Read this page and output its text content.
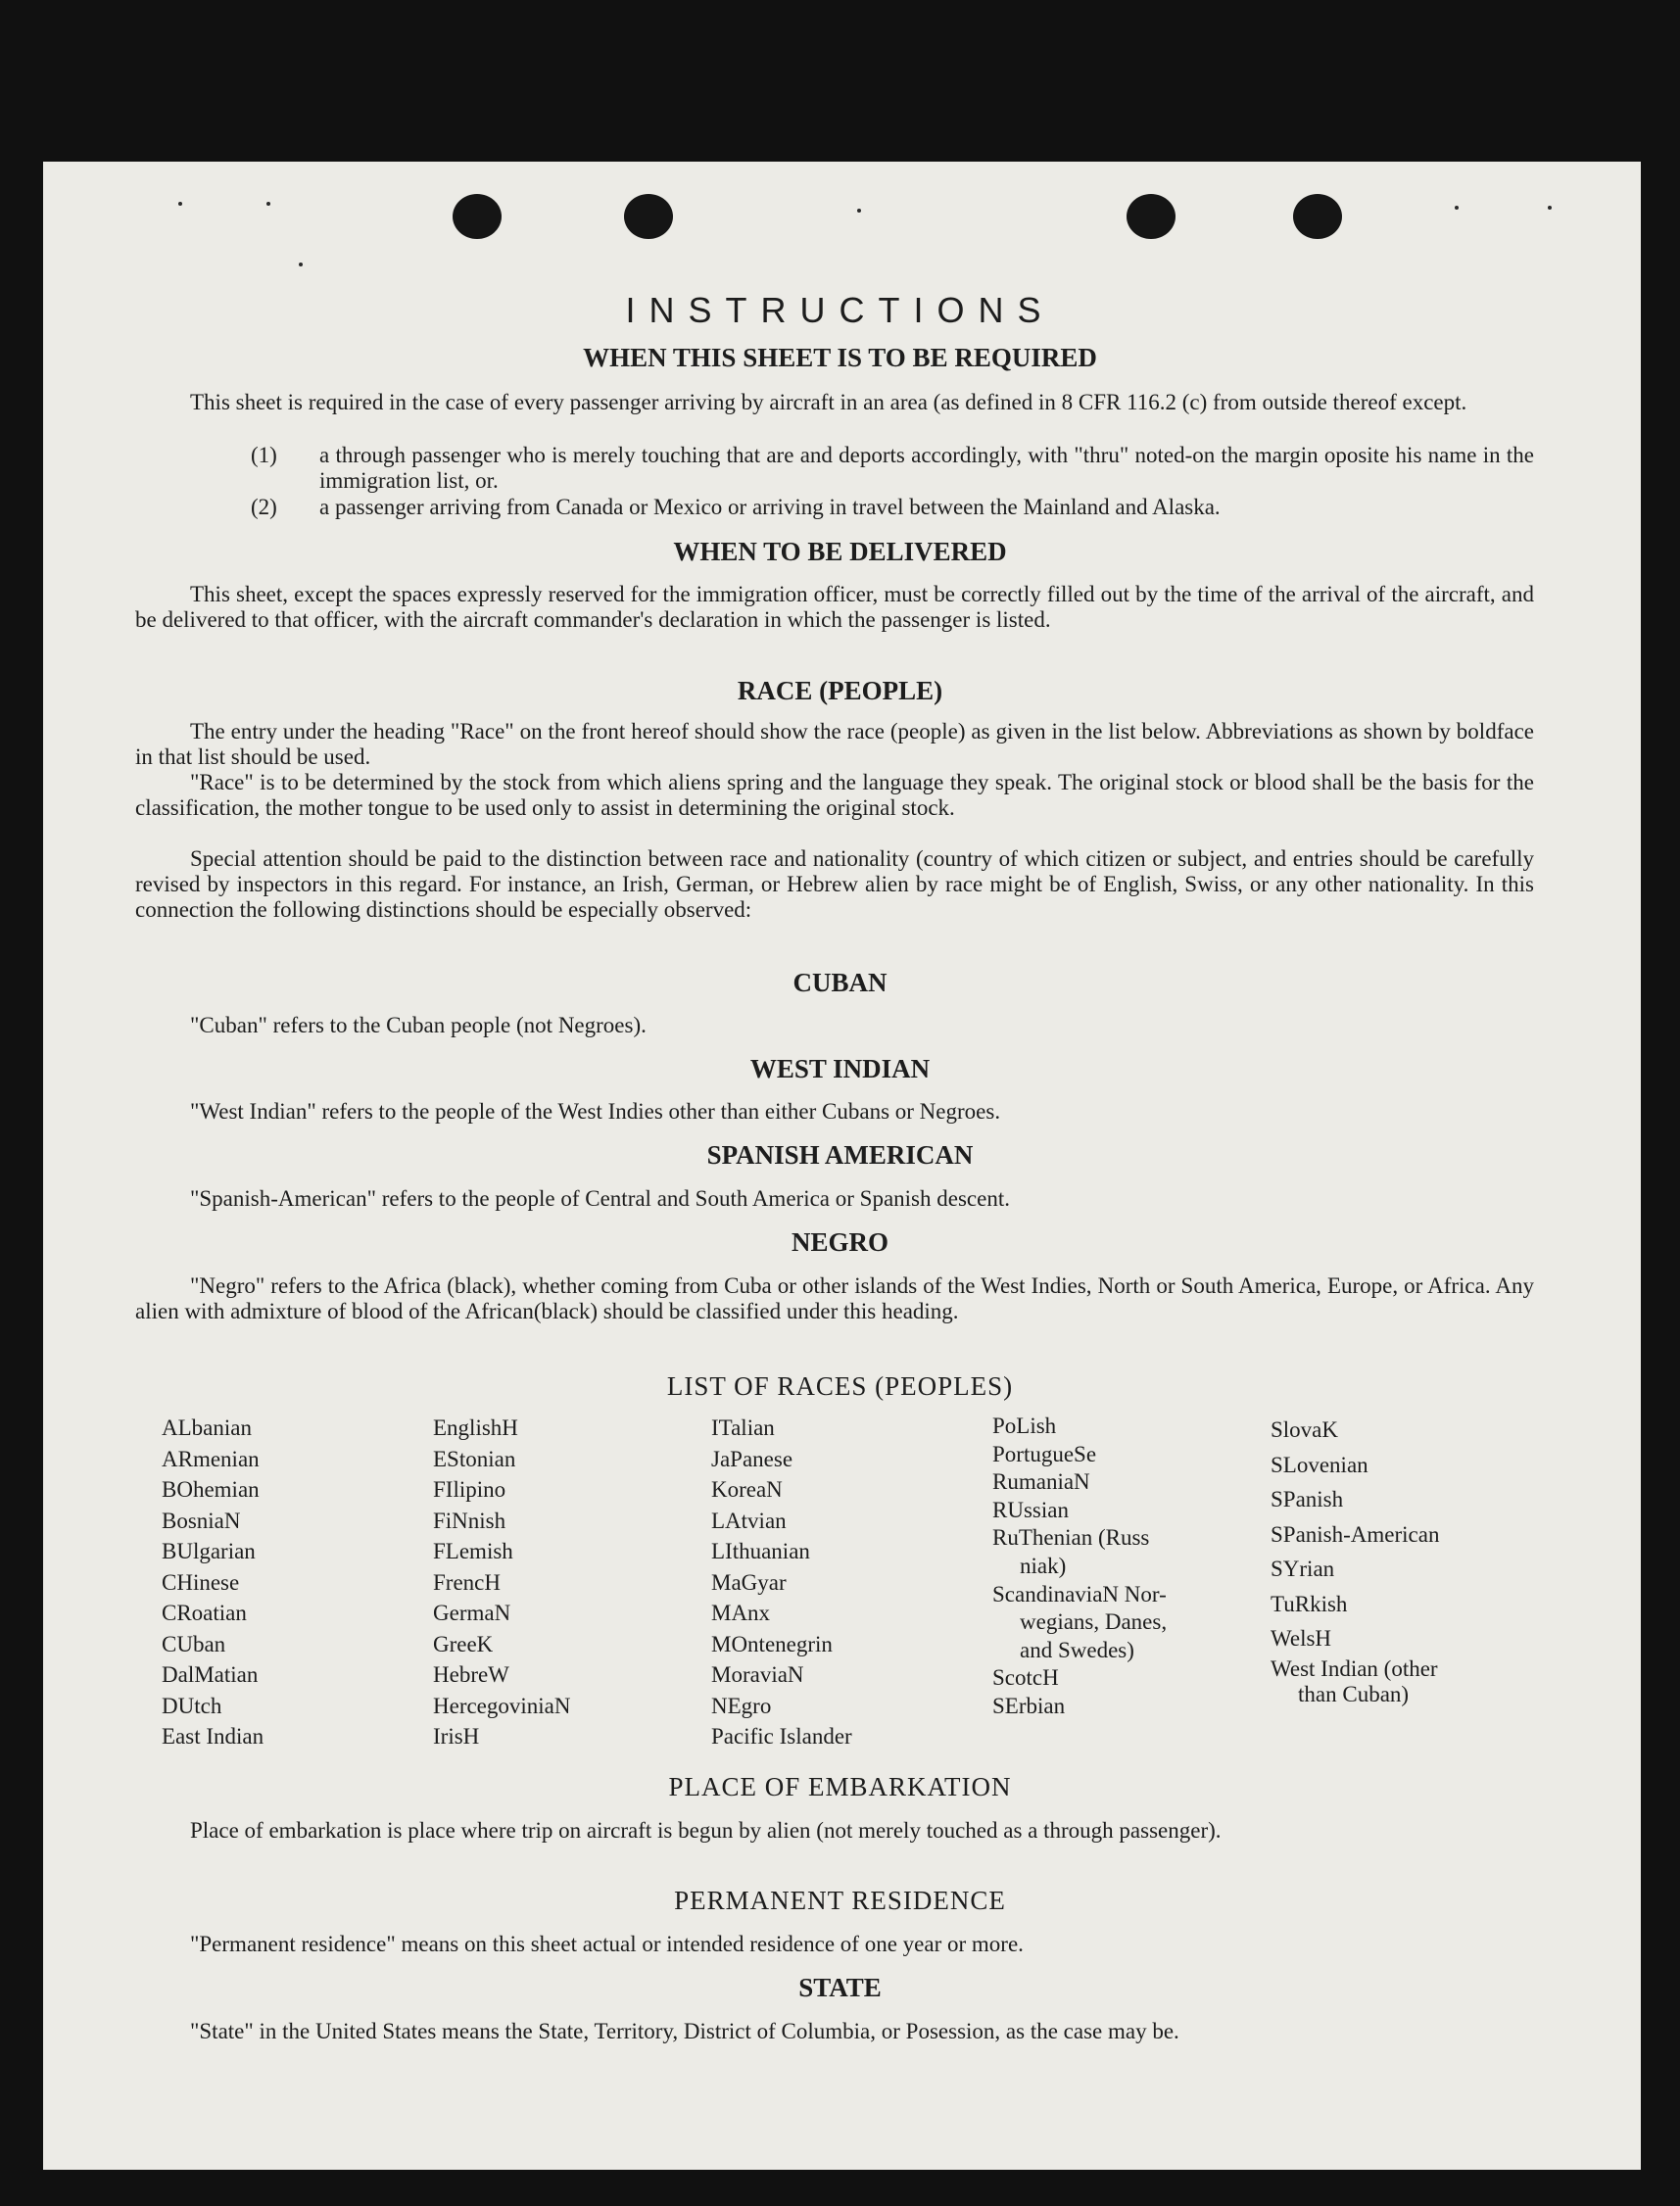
INSTRUCTIONS
WHEN THIS SHEET IS TO BE REQUIRED

This sheet is required in the case of every passenger arriving by aircraft in an area (as defined in 8 CFR 116.2 (c) from outside thereof except.

(1) a through passenger who is merely touching that are and deports accordingly, with "thru" noted-on the margin oposite his name in the immigration list, or.
(2) a passenger arriving from Canada or Mexico or arriving in travel between the Mainland and Alaska.
WHEN TO BE DELIVERED

This sheet, except the spaces expressly reserved for the immigration officer, must be correctly filled out by the time of the arrival of the aircraft, and be delivered to that officer, with the aircraft commander's declaration in which the passenger is listed.

RACE (PEOPLE)

The entry under the heading "Race" on the front hereof should show the race (people) as given in the list below. Abbreviations as shown by boldface in that list should be used.

"Race" is to be determined by the stock from which aliens spring and the language they speak. The original stock or blood shall be the basis for the classification, the mother tongue to be used only to assist in determining the original stock.

Special attention should be paid to the distinction between race and nationality (country of which citizen or subject, and entries should be carefully revised by inspectors in this regard. For instance, an Irish, German, or Hebrew alien by race might be of English, Swiss, or any other nationality. In this connection the following distinctions should be especially observed:

CUBAN

"Cuban" refers to the Cuban people (not Negroes).

WEST INDIAN

"West Indian" refers to the people of the West Indies other than either Cubans or Negroes.

SPANISH AMERICAN

"Spanish-American" refers to the people of Central and South America or Spanish descent.

NEGRO

"Negro" refers to the Africa (black), whether coming from Cuba or other islands of the West Indies, North or South America, Europe, or Africa. Any alien with admixture of blood of the African(black) should be classified under this heading.

LIST OF RACES (PEOPLES)
ALbanian
ARmenian
BOhemian
BosniaN
BUlgarian
CHinese
CRoatian
CUban
DalMatian
DUtch
East Indian
EnglishH
EStonian
FIlipino
FiNnish
FLemish
FrencH
GermaN
GreeK
HebreW
HercegoviniaN
IrisH
ITalian
JaPanese
KoreaN
LAtvian
LIthuanian
MaGyar
MAnx
MOntenegrin
MoraviaN
NEgro
Pacific Islander
PoLish
PortugueSe
RumaniaN
RUssian
RuThenian (Russ
niak)
ScandinaviaN Nor-
wegians, Danes,
and Swedes)
ScotcH
SErbian
SlovaK
SLovenian
SPanish
SPanish-American
SYrian
TuRkish
WelsH
West Indian (other
than Cuban)
PLACE OF EMBARKATION

Place of embarkation is place where trip on aircraft is begun by alien (not merely touched as a through passenger).

PERMANENT RESIDENCE

"Permanent residence" means on this sheet actual or intended residence of one year or more.

STATE

"State" in the United States means the State, Territory, District of Columbia, or Posession, as the case may be.
